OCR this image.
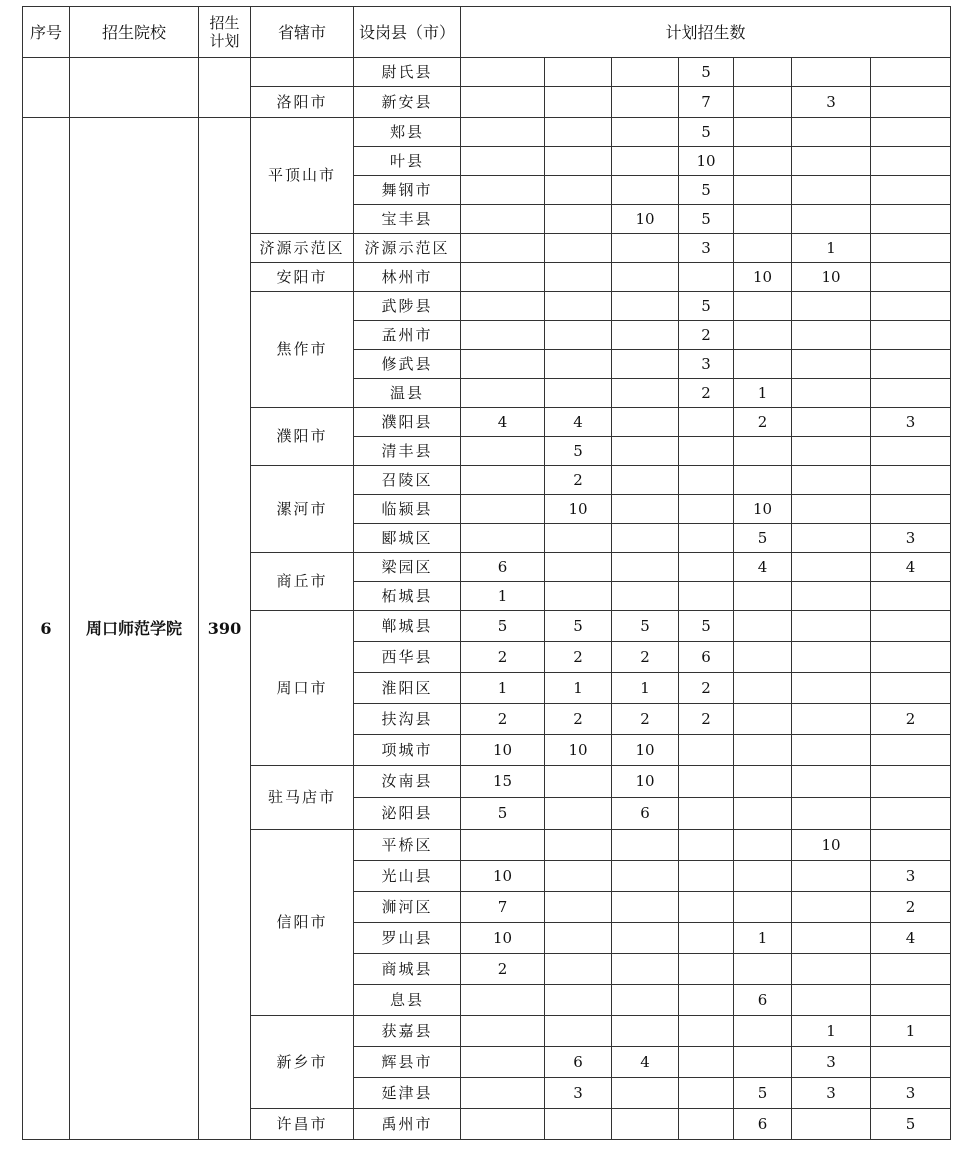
序号	招生院校	招生
计划	省辖市	设岗县（市）	计划招生数						
				尉氏县				5			
			洛阳市	新安县				7		3	
6	周口师范学院	390	平顶山市	郏县				5			
				叶县				10			
				舞钢市				5			
				宝丰县			10	5			
			济源示范区	济源示范区				3		1	
			安阳市	林州市					10	10	
			焦作市	武陟县				5			
				孟州市				2			
				修武县				3			
				温县				2	1		
			濮阳市	濮阳县	4	4			2		3
				清丰县		5					
			漯河市	召陵区		2					
				临颍县		10			10		
				郾城区					5		3
			商丘市	梁园区	6				4		4
				柘城县	1						
			周口市	郸城县	5	5	5	5			
				西华县	2	2	2	6			
				淮阳区	1	1	1	2			
				扶沟县	2	2	2	2			2
				项城市	10	10	10				
			驻马店市	汝南县	15		10				
				泌阳县	5		6				
			信阳市	平桥区						10	
				光山县	10						3
				浉河区	7						2
				罗山县	10				1		4
				商城县	2						
				息县					6		
			新乡市	获嘉县						1	1
				辉县市		6	4			3	
				延津县		3			5	3	3
			许昌市	禹州市					6		5
